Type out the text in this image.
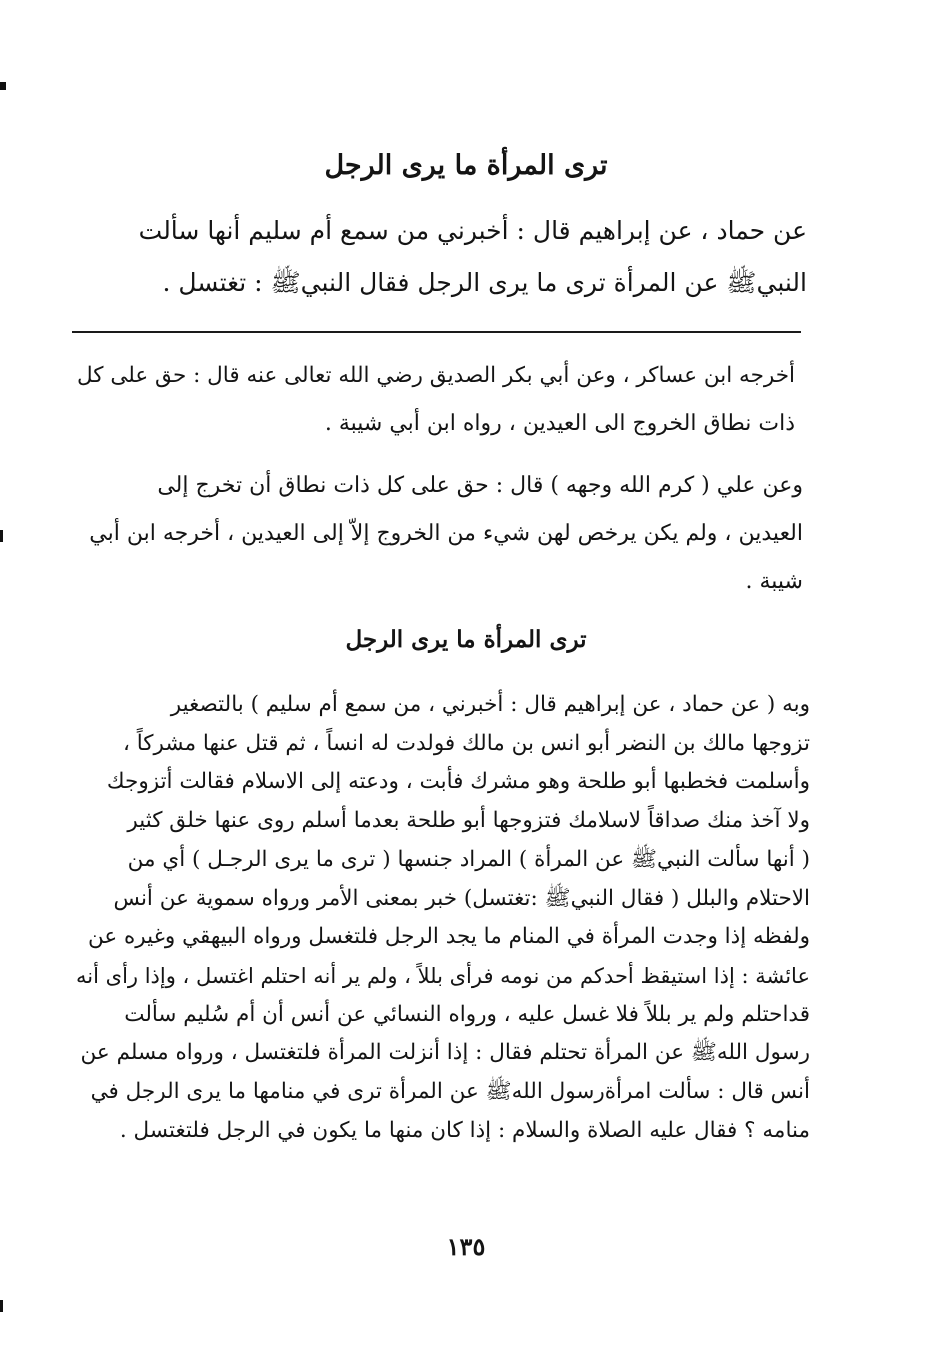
ترى المرأة ما يرى الرجل
عن حماد ، عن إبراهيم قال : أخبرني من سمع أم سليم أنها سألت
النبيﷺ عن المرأة ترى ما يرى الرجل فقال النبيﷺ : تغتسل .
أخرجه ابن عساكر ، وعن أبي بكر الصديق رضي الله تعالى عنه قال : حق على كل
ذات نطاق الخروج الى العيدين ، رواه ابن أبي شيبة .
وعن علي ( كرم الله وجهه ) قال : حق على كل ذات نطاق أن تخرج إلى
العيدين ، ولم يكن يرخص لهن شيء من الخروج إلاّ إلى العيدين ، أخرجه ابن أبي
شيبة .
ترى المرأة ما يرى الرجل
وبه ( عن حماد ، عن إبراهيم قال : أخبرني ، من سمع أم سليم ) بالتصغير
تزوجها مالك بن النضر أبو انس بن مالك فولدت له انساً ، ثم قتل عنها مشركاً ،
وأسلمت فخطبها أبو طلحة وهو مشرك فأبت ، ودعته إلى الاسلام فقالت أتزوجك
ولا آخذ منك صداقاً لاسلامك فتزوجها أبو طلحة بعدما أسلم روى عنها خلق كثير
( أنها سألت النبيﷺ عن المرأة ) المراد جنسها ( ترى ما يرى الرجـل ) أي من
الاحتلام والبلل ( فقال النبيﷺ :تغتسل) خبر بمعنى الأمر ورواه سموية عن أنس
ولفظه إذا وجدت المرأة في المنام ما يجد الرجل فلتغسل ورواه البيهقي وغيره عن
عائشة : إذا استيقظ أحدكم من نومه فرأى بللاً ، ولم ير أنه احتلم اغتسل ، وإذا رأى أنه
قداحتلم ولم ير بللاً فلا غسل عليه ، ورواه النسائي عن أنس أن أم سُليم سألت
رسول اللهﷺ عن المرأة تحتلم فقال : إذا أنزلت المرأة فلتغتسل ، ورواه مسلم عن
أنس قال : سألت امرأةرسول اللهﷺ عن المرأة ترى في منامها ما يرى الرجل في
منامه ؟ فقال عليه الصلاة والسلام : إذا كان منها ما يكون في الرجل فلتغتسل .
١٣٥
